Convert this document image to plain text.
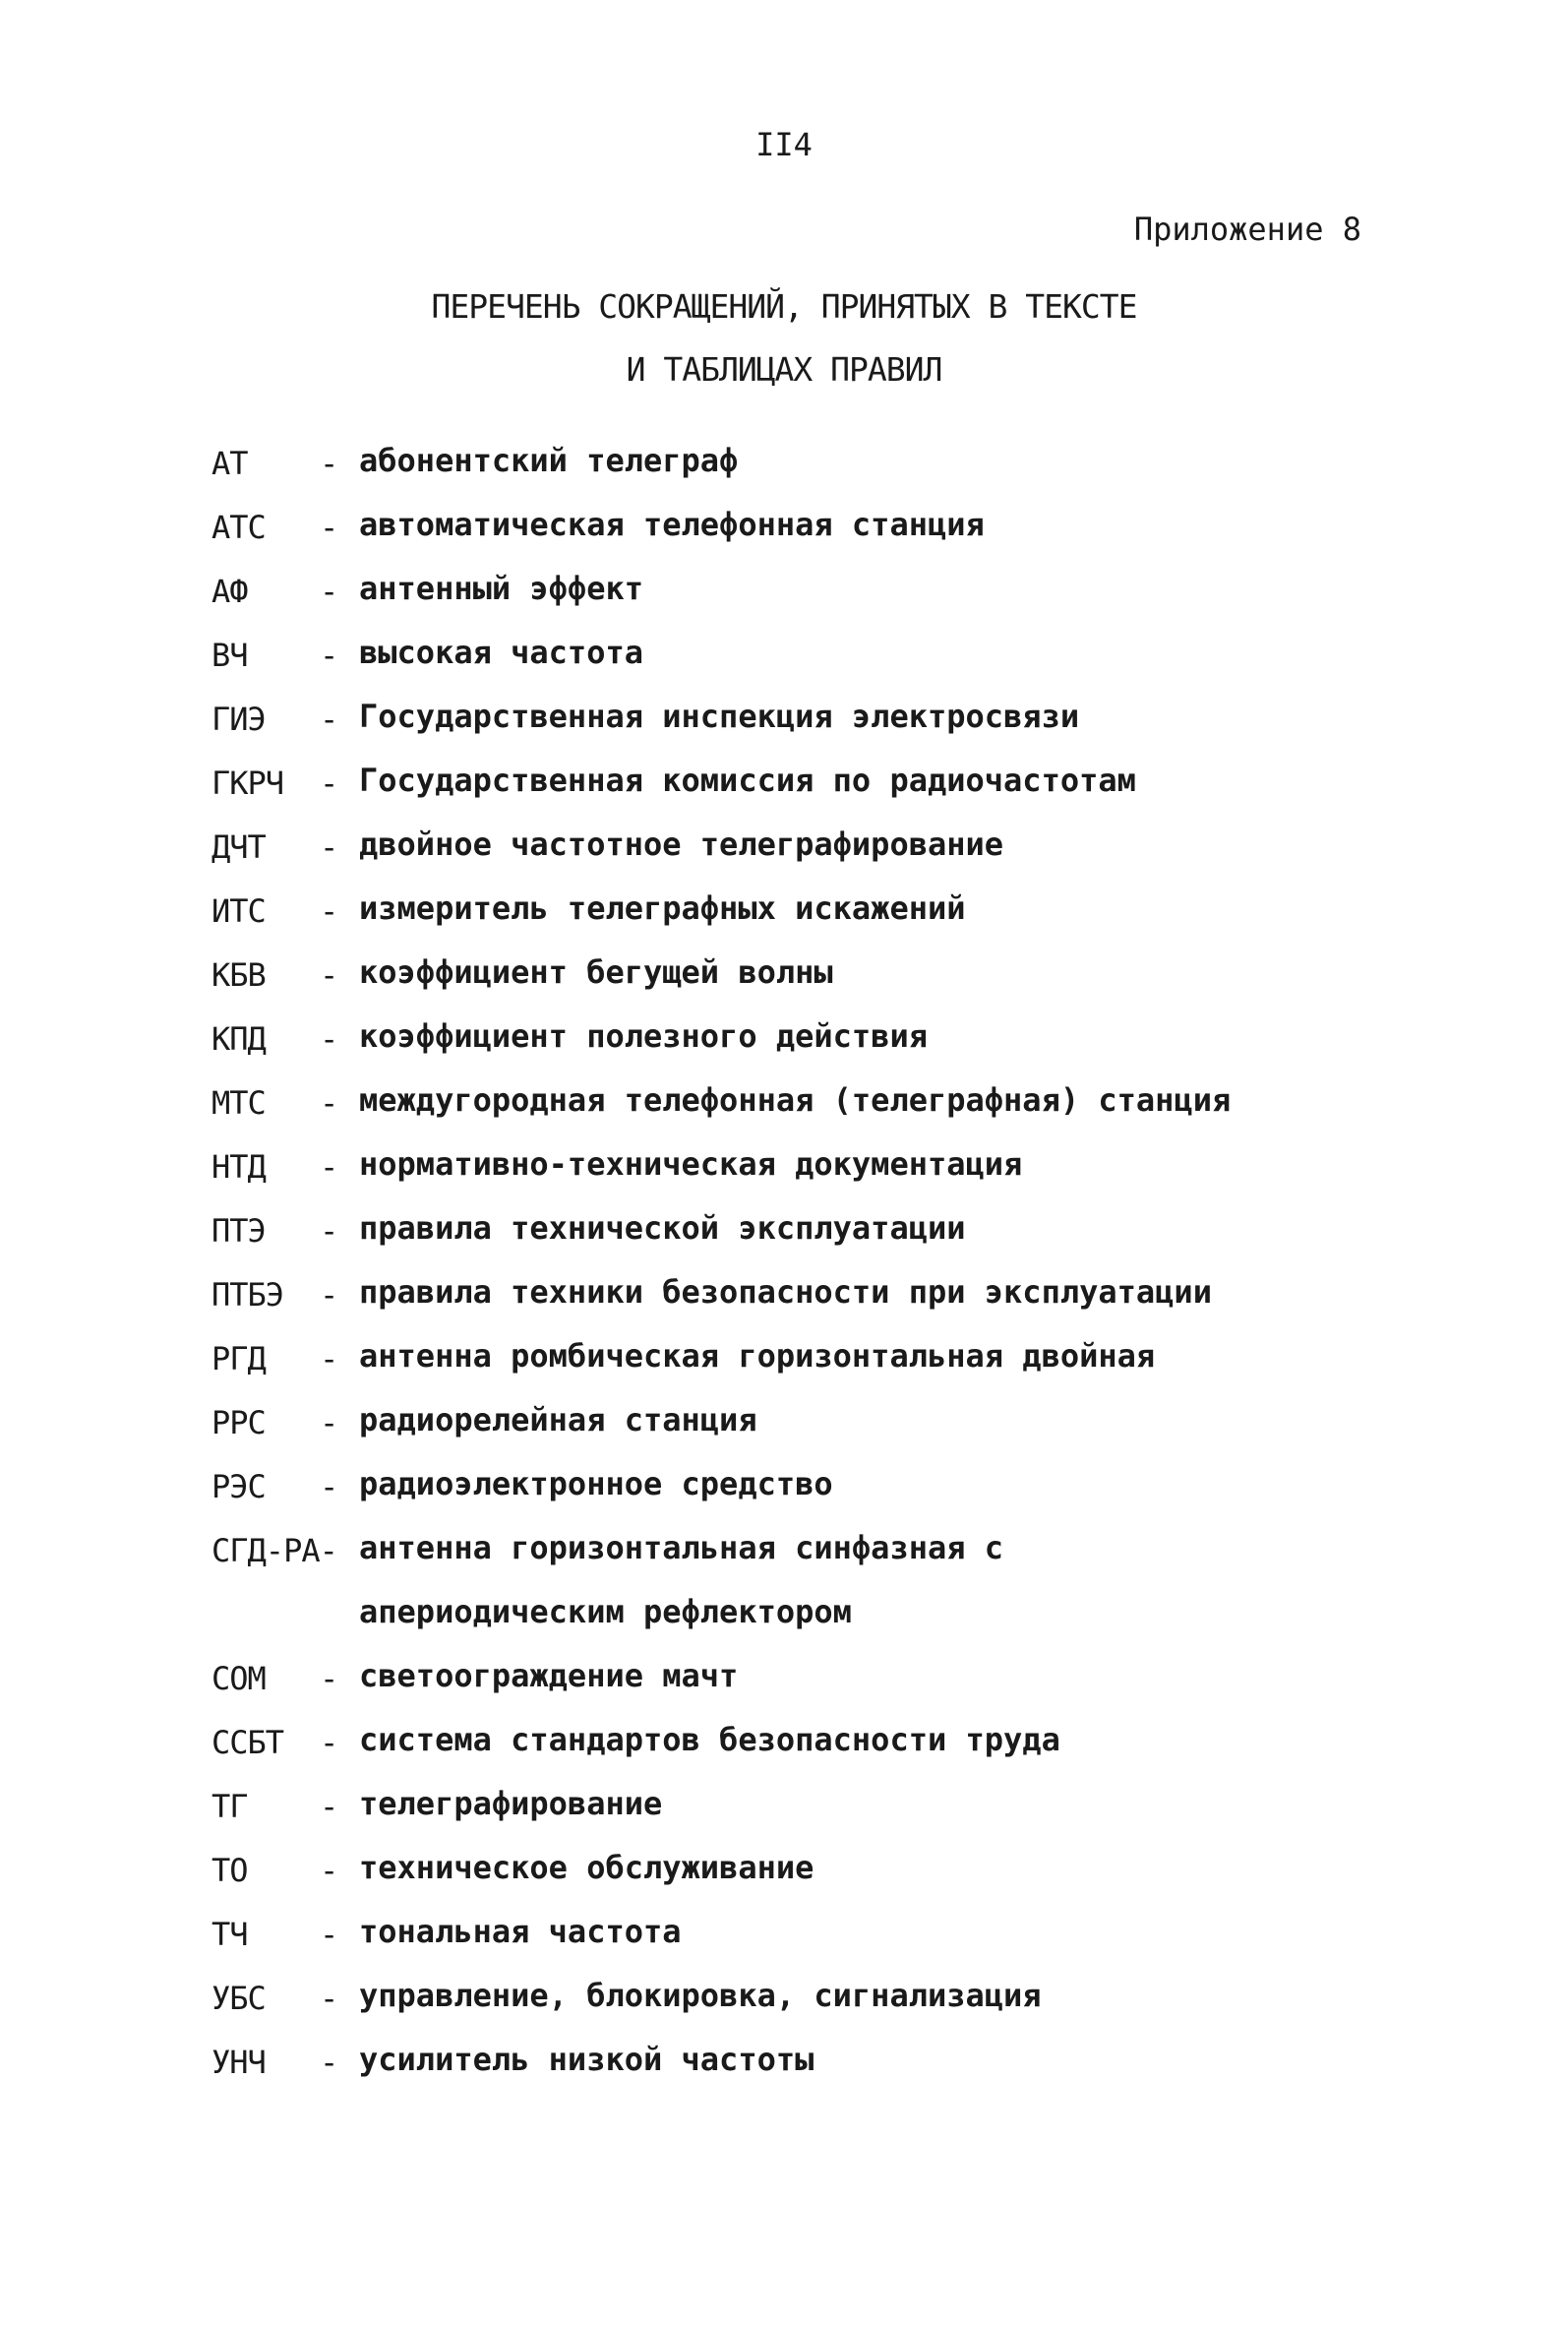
II4
Приложение 8
ПЕРЕЧЕНЬ СОКРАЩЕНИЙ, ПРИНЯТЫХ В ТЕКСТЕ
И ТАБЛИЦАХ ПРАВИЛ
АТ	- абонентский телеграф
АТС	- автоматическая телефонная станция
АФ	- антенный эффект
ВЧ	- высокая частота
ГИЭ	- Государственная инспекция электросвязи
ГКРЧ	- Государственная комиссия по радиочастотам
ДЧТ	- двойное частотное телеграфирование
ИТС	- измеритель телеграфных искажений
КБВ	- коэффициент бегущей волны
КПД	- коэффициент полезного действия
МТС	- междугородная телефонная (телеграфная) станция
НТД	- нормативно-техническая документация
ПТЭ	- правила технической эксплуатации
ПТБЭ	- правила техники безопасности при эксплуатации
РГД	- антенна ромбическая горизонтальная двойная
РРС	- радиорелейная станция
РЭС	- радиоэлектронное средство
СГД-РА- антенна горизонтальная синфазная с апериодическим рефлектором
СОМ	- светоограждение мачт
ССБТ	- система стандартов безопасности труда
ТГ	- телеграфирование
ТО	- техническое обслуживание
ТЧ	- тональная частота
УБС	- управление, блокировка, сигнализация
УНЧ	- усилитель низкой частоты
